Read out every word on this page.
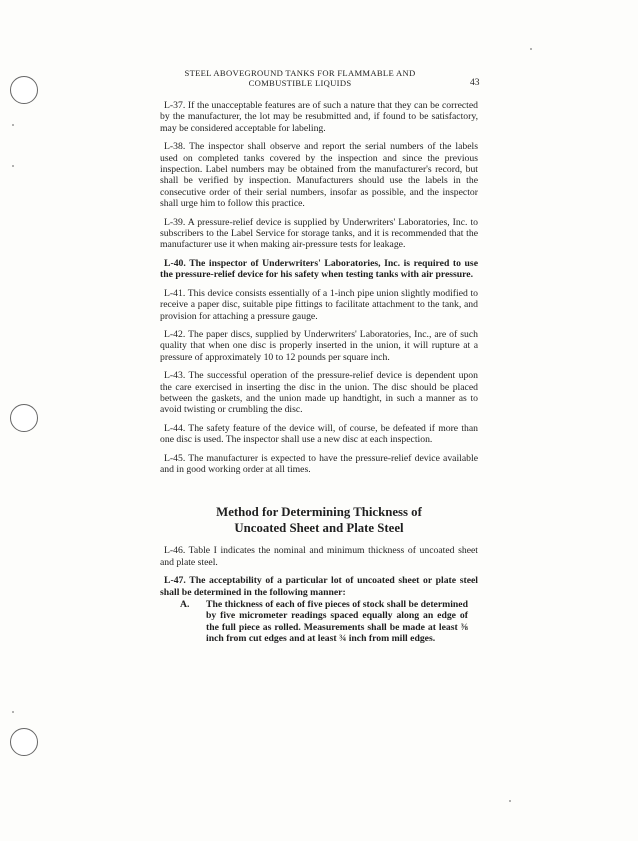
STEEL ABOVEGROUND TANKS FOR FLAMMABLE AND
COMBUSTIBLE LIQUIDS	43

L-37. If the unacceptable features are of such a nature that they can be corrected by the manufacturer, the lot may be resubmitted and, if found to be satisfactory, may be considered acceptable for labeling.

L-38. The inspector shall observe and report the serial numbers of the labels used on completed tanks covered by the inspection and since the previous inspection. Label numbers may be obtained from the manufacturer's record, but shall be verified by inspection. Manufacturers should use the labels in the consecutive order of their serial numbers, insofar as possible, and the inspector shall urge him to follow this practice.

L-39. A pressure-relief device is supplied by Underwriters' Laboratories, Inc. to subscribers to the Label Service for storage tanks, and it is recommended that the manufacturer use it when making air-pressure tests for leakage.

L-40. The inspector of Underwriters' Laboratories, Inc. is required to use the pressure-relief device for his safety when testing tanks with air pressure.

L-41. This device consists essentially of a 1-inch pipe union slightly modified to receive a paper disc, suitable pipe fittings to facilitate attachment to the tank, and provision for attaching a pressure gauge.

L-42. The paper discs, supplied by Underwriters' Laboratories, Inc., are of such quality that when one disc is properly inserted in the union, it will rupture at a pressure of approximately 10 to 12 pounds per square inch.

L-43. The successful operation of the pressure-relief device is dependent upon the care exercised in inserting the disc in the union. The disc should be placed between the gaskets, and the union made up handtight, in such a manner as to avoid twisting or crumbling the disc.

L-44. The safety feature of the device will, of course, be defeated if more than one disc is used. The inspector shall use a new disc at each inspection.

L-45. The manufacturer is expected to have the pressure-relief device available and in good working order at all times.

Method for Determining Thickness of
Uncoated Sheet and Plate Steel

L-46. Table I indicates the nominal and minimum thickness of uncoated sheet and plate steel.

L-47. The acceptability of a particular lot of uncoated sheet or plate steel shall be determined in the following manner:

A. The thickness of each of five pieces of stock shall be determined by five micrometer readings spaced equally along an edge of the full piece as rolled. Measurements shall be made at least ⅜ inch from cut edges and at least ¾ inch from mill edges.
